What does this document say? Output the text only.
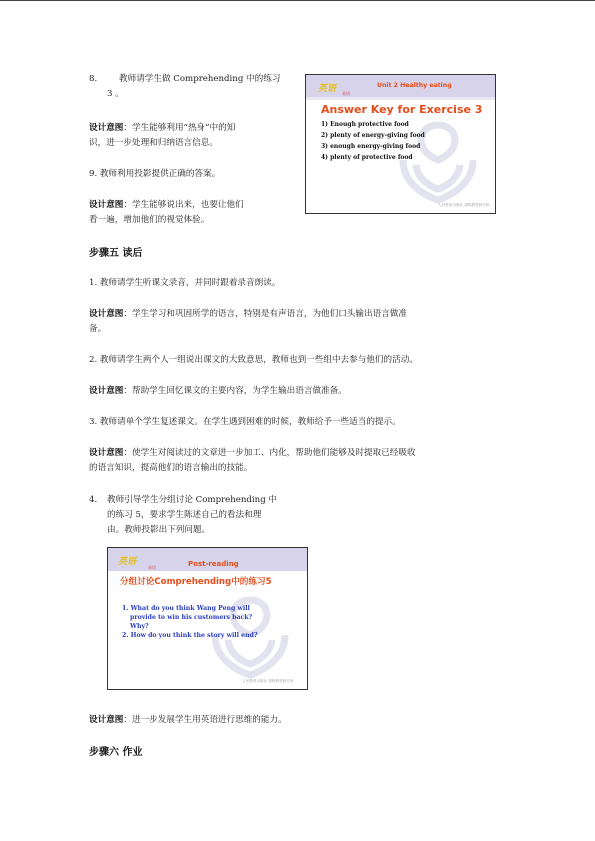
8.	教师请学生做 Comprehending 中的练习
3 。
设计意图：学生能够利用“热身”中的知
识，进一步处理和归纳语言信息。
9. 教师利用投影提供正确的答案。
设计意图：学生能够说出来，也要让他们
看一遍，增加他们的视觉体验。
英语 英语
Unit 2 Healthy eating
Answer Key for Exercise 3
1) Enough protective food
2) plenty of energy-giving food
3) enough energy-giving food
4) plenty of protective food
人民教育出版社 课程教材研究所
步骤五 读后
1. 教师请学生听课文录音，并同时跟着录音朗读。
设计意图：学生学习和巩固所学的语言，特别是有声语言，为他们口头输出语言做准
备。
2. 教师请学生两个人一组说出课文的大致意思，教师也到一些组中去参与他们的活动。
设计意图：帮助学生回忆课文的主要内容，为学生输出语言做准备。
3. 教师请单个学生复述课文。在学生遇到困难的时候，教师给予一些适当的提示。
设计意图：使学生对阅读过的文章进一步加工、内化，帮助他们能够及时提取已经吸收
的语言知识，提高他们的语言输出的技能。
4. 教师引导学生分组讨论 Comprehending 中
的练习 5，要求学生陈述自己的看法和理
由。教师投影出下列问题。
英语
英语	Post-reading
分组讨论Comprehending中的练习5
1. What do you think Wang Peng will
provide to win his customers back?
Why?
2. How do you think the story will end?
人民教育出版社 课程教材研究所
设计意图：进一步发展学生用英语进行思维的能力。
步骤六 作业
